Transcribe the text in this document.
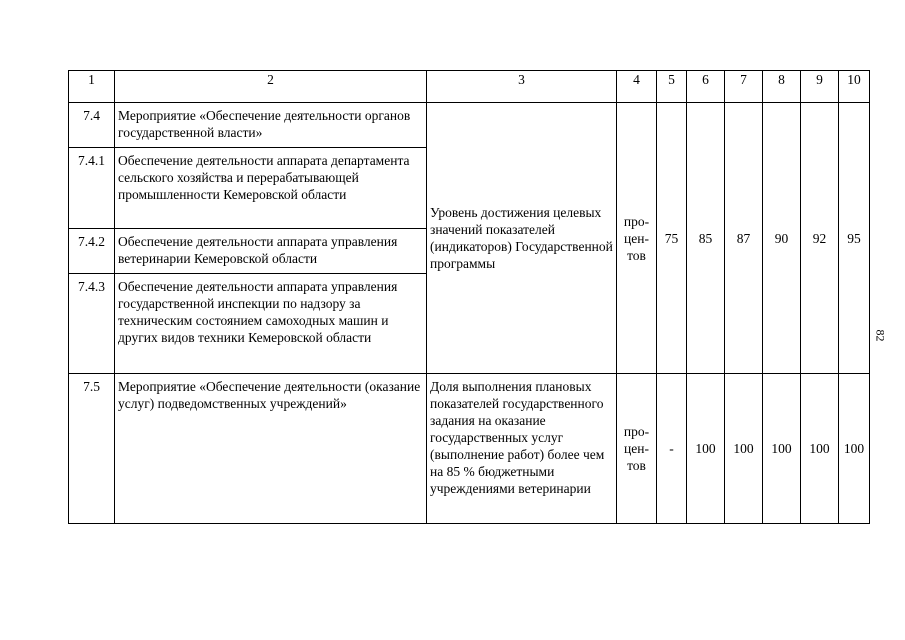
1	2	3	4	5	6	7	8	9	10
7.4	Мероприятие «Обеспечение деятельности органов государственной власти»	Уровень достижения целевых значений показателей (индикаторов) Государственной программы	про-цен-тов	75	85	87	90	92	95
7.4.1	Обеспечение деятельности аппарата департамента сельского хозяйства и перерабатывающей промышленности Кемеровской области								
7.4.2	Обеспечение деятельности аппарата управления ветеринарии Кемеровской области								
7.4.3	Обеспечение деятельности аппарата управления государственной инспекции по надзору за техническим состоянием самоходных машин и других видов техники Кемеровской области								
7.5	Мероприятие «Обеспечение деятельности (оказание услуг) подведомственных учреждений»	Доля выполнения плановых показателей государственного задания на оказание государственных услуг (выполнение работ) более чем на 85 % бюджетными учреждениями ветеринарии	про-цен-тов	-	100	100	100	100	100
82
